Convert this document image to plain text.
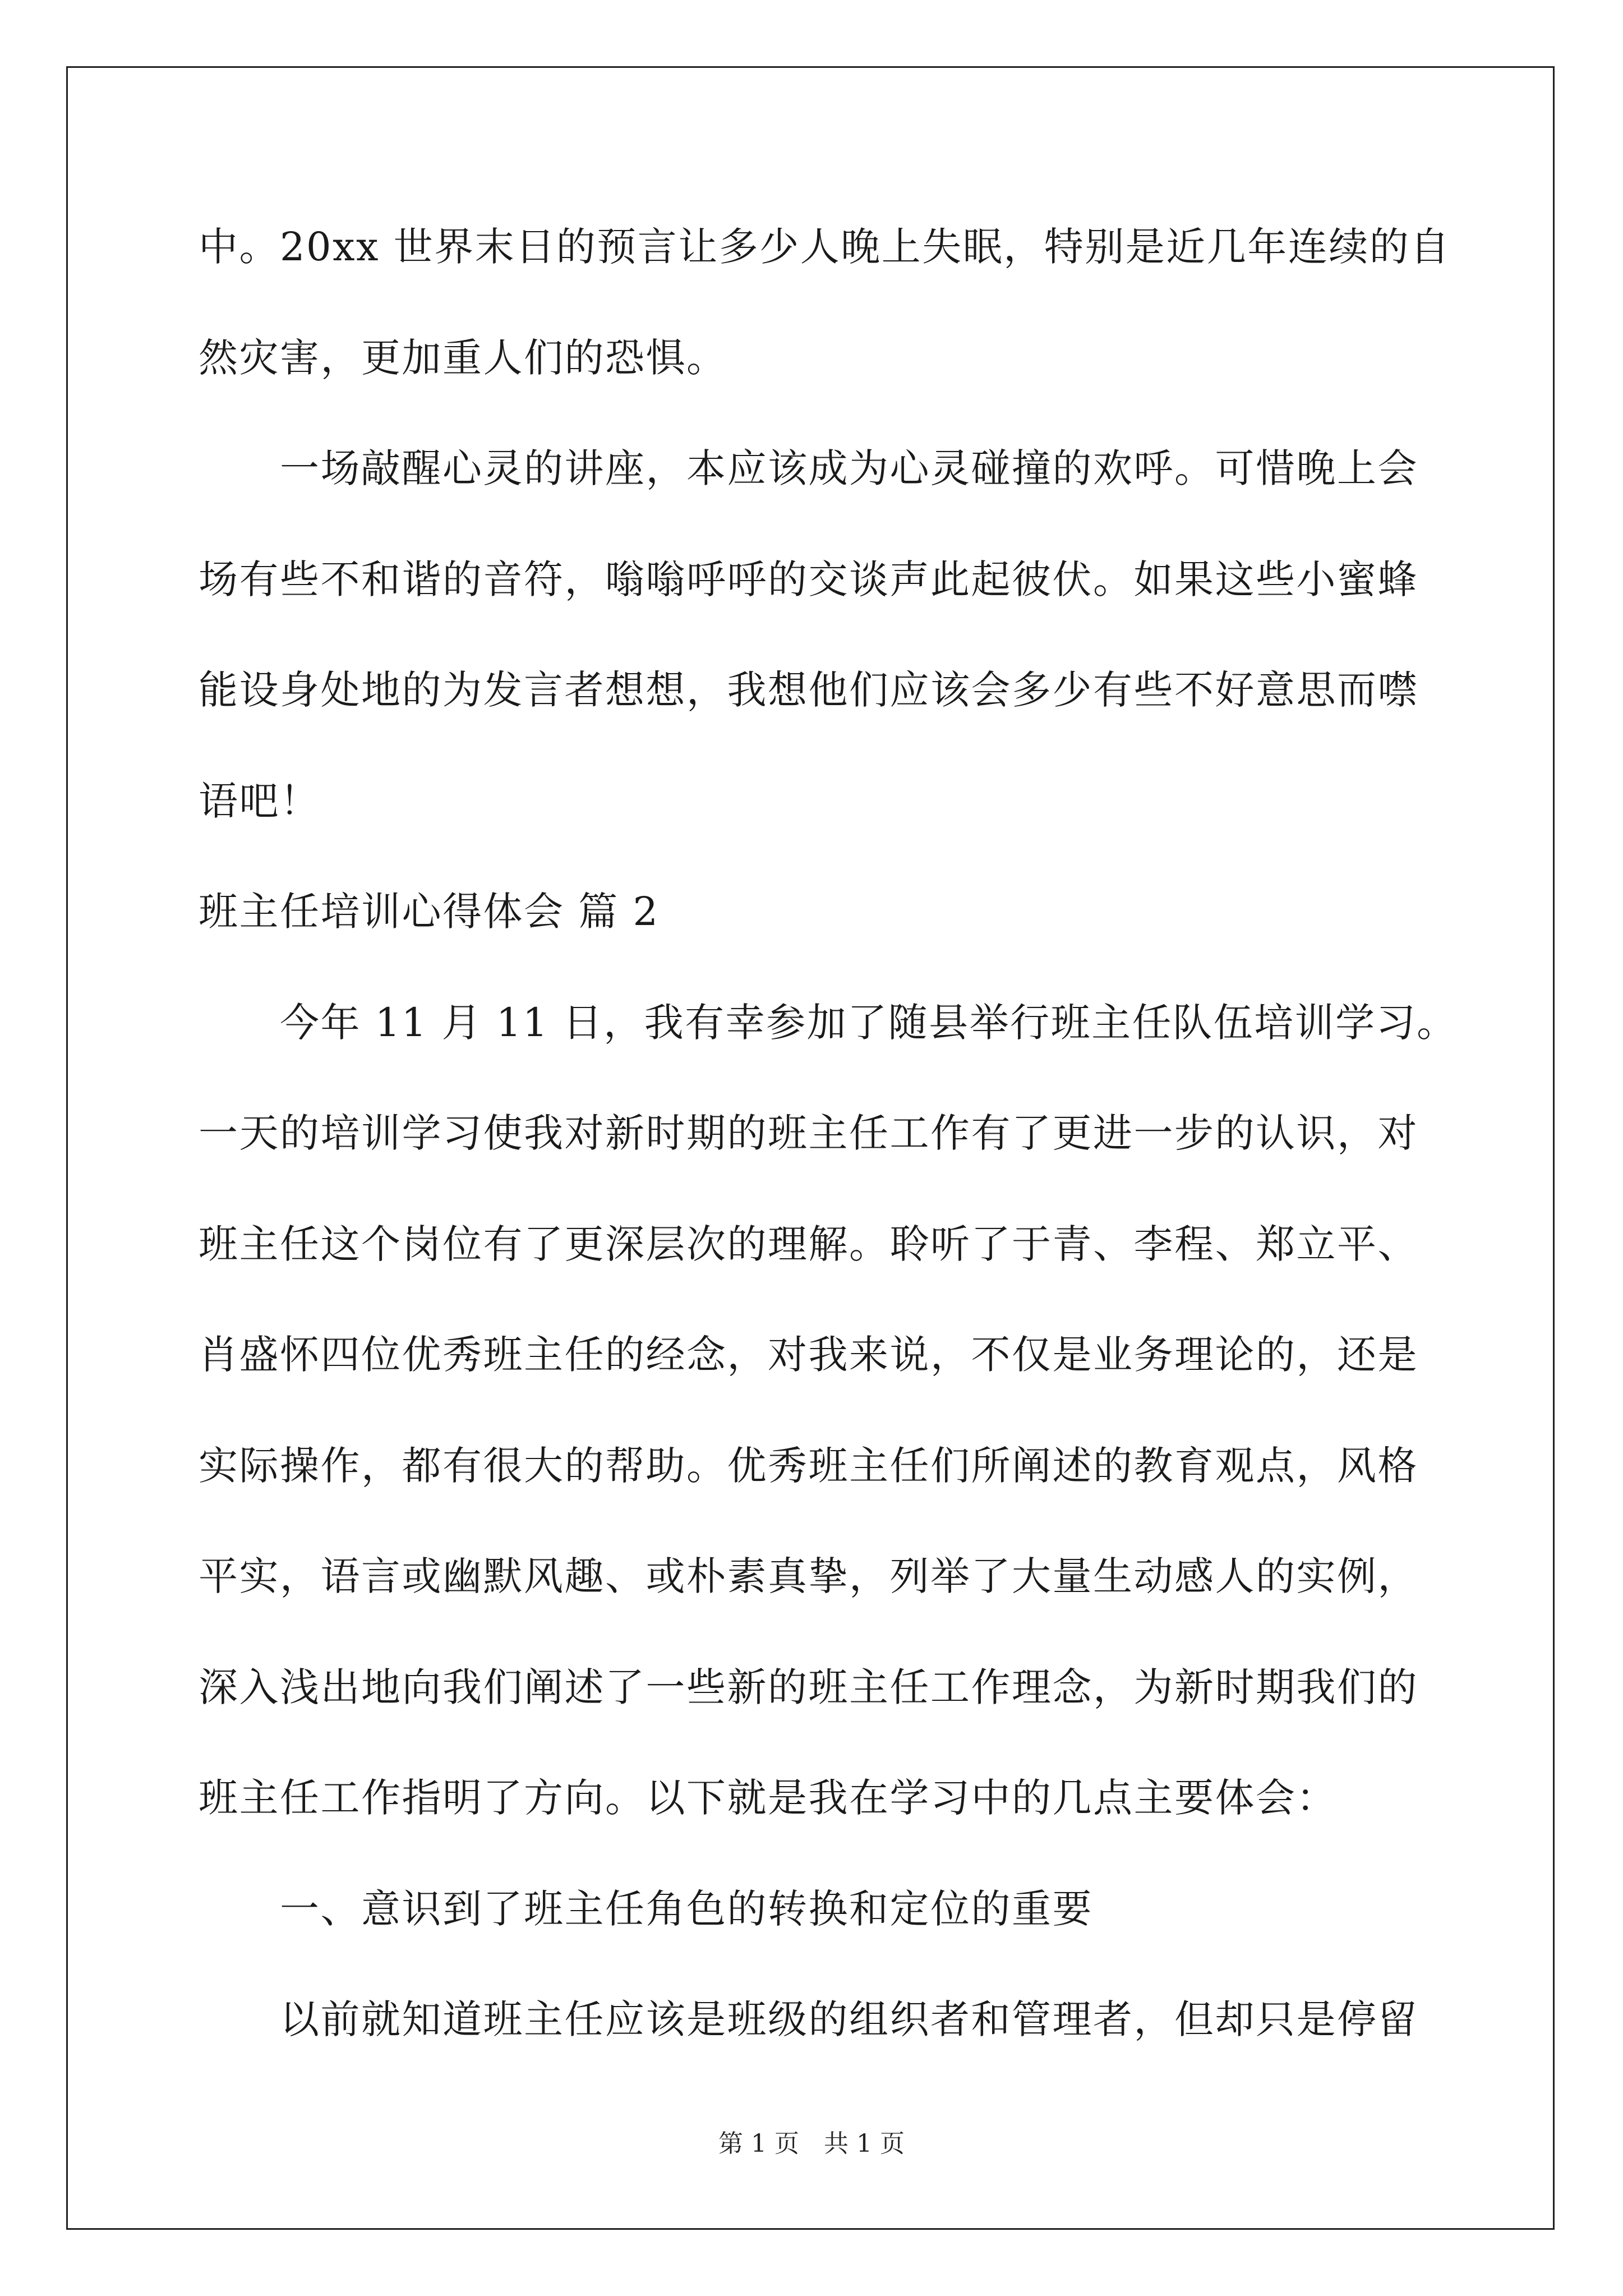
中。20xx 世界末日的预言让多少人晚上失眠，特别是近几年连续的自
然灾害，更加重人们的恐惧。
　　一场敲醒心灵的讲座，本应该成为心灵碰撞的欢呼。可惜晚上会
场有些不和谐的音符，嗡嗡呼呼的交谈声此起彼伏。如果这些小蜜蜂
能设身处地的为发言者想想，我想他们应该会多少有些不好意思而噤
语吧！
班主任培训心得体会 篇 2
　　今年 11 月 11 日，我有幸参加了随县举行班主任队伍培训学习。
一天的培训学习使我对新时期的班主任工作有了更进一步的认识，对
班主任这个岗位有了更深层次的理解。聆听了于青、李程、郑立平、
肖盛怀四位优秀班主任的经念，对我来说，不仅是业务理论的，还是
实际操作，都有很大的帮助。优秀班主任们所阐述的教育观点，风格
平实，语言或幽默风趣、或朴素真挚，列举了大量生动感人的实例，
深入浅出地向我们阐述了一些新的班主任工作理念，为新时期我们的
班主任工作指明了方向。以下就是我在学习中的几点主要体会：
　　一、意识到了班主任角色的转换和定位的重要
　　以前就知道班主任应该是班级的组织者和管理者，但却只是停留
第 1 页　共 1 页
